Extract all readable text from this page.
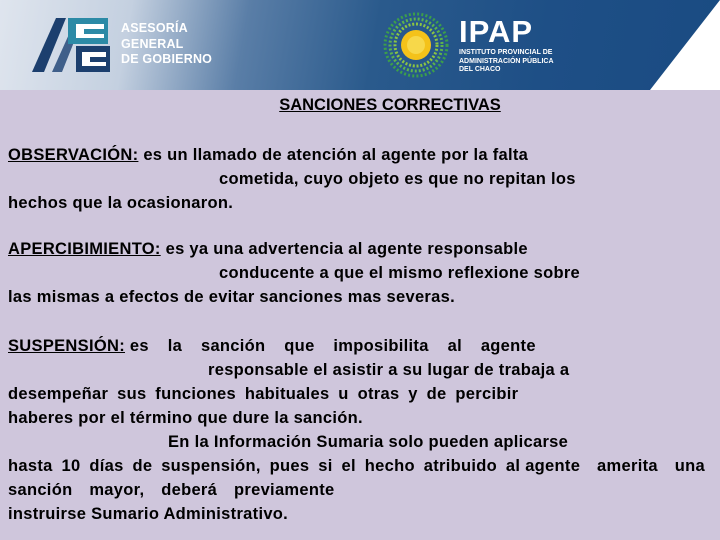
ASESORÍA
GENERAL
DE GOBIERNO
IPAP
INSTITUTO PROVINCIAL DE
ADMINISTRACIÓN PÚBLICA
DEL CHACO
SANCIONES CORRECTIVAS
OBSERVACIÓN: es un llamado de atención al agente por la falta
cometida, cuyo objeto es que no repitan los
hechos que la ocasionaron.
APERCIBIMIENTO: es ya una advertencia al agente responsable
conducente a que el mismo reflexione sobre
las mismas a efectos de evitar sanciones mas severas.
SUSPENSIÓN: es la sanción que imposibilita al agente
responsable el asistir a su lugar de trabaja a
desempeñar sus funciones habituales u otras y de percibir
haberes por el término que dure la sanción.
En la Información Sumaria solo pueden aplicarse
hasta 10 días de suspensión, pues si el hecho atribuido al agente amerita una sanción mayor, deberá previamente
instruirse Sumario Administrativo.
